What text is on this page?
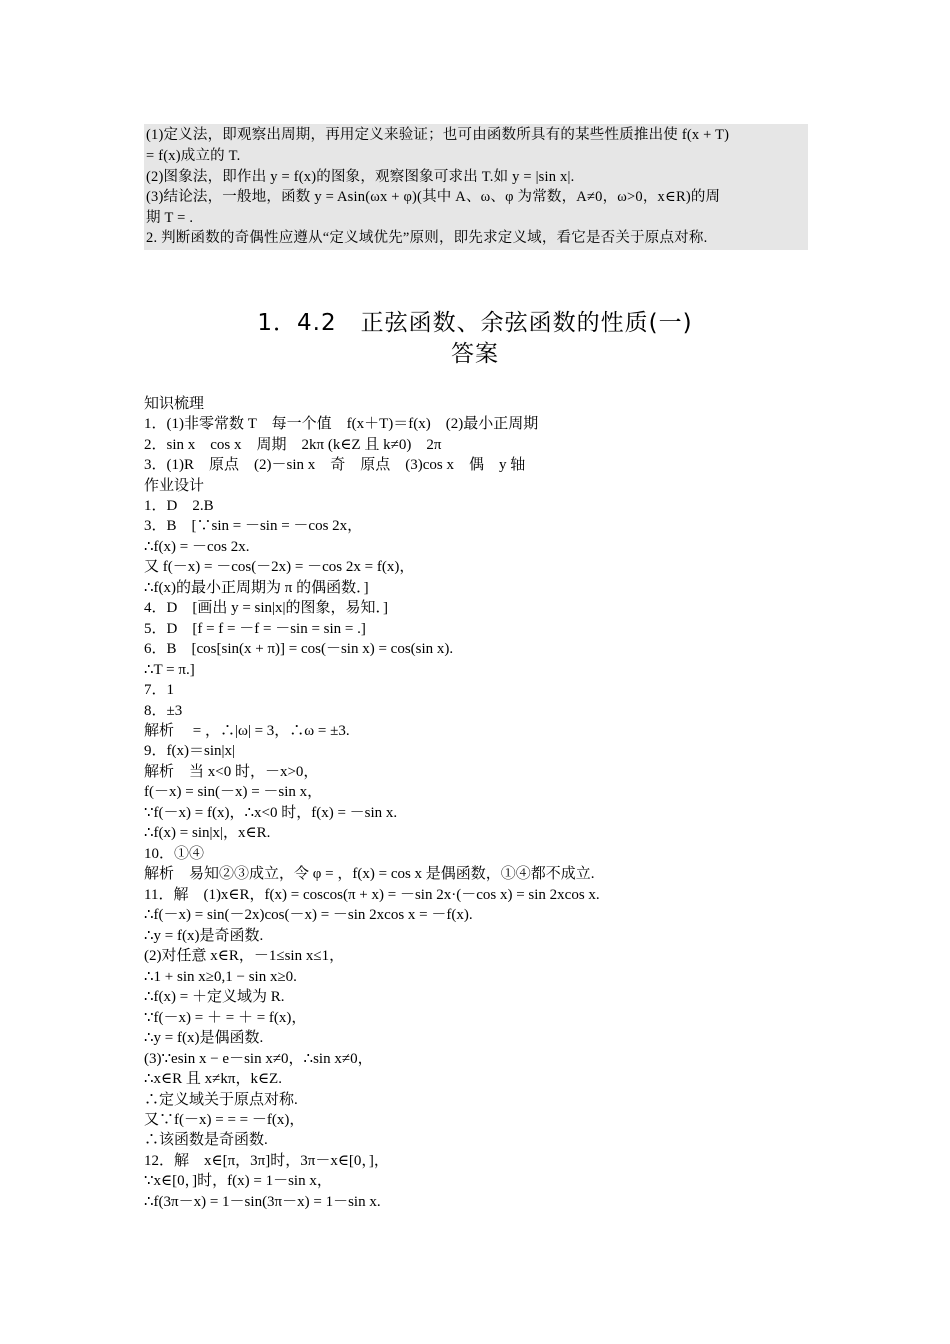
(1)定义法，即观察出周期，再用定义来验证；也可由函数所具有的某些性质推出使 f(x + T)
= f(x)成立的 T.
(2)图象法，即作出 y = f(x)的图象，观察图象可求出 T.如 y = |sin x|.
(3)结论法，一般地，函数 y = Asin(ωx + φ)(其中 A、ω、φ 为常数，A≠0，ω>0，x∈R)的周
期 T = .
2. 判断函数的奇偶性应遵从“定义域优先”原则，即先求定义域，看它是否关于原点对称.
1．4.2　正弦函数、余弦函数的性质(一)
答案
知识梳理
1．(1)非零常数 T　每一个值　f(x＋T)＝f(x)　(2)最小正周期
2．sin x　cos x　周期　2kπ (k∈Z 且 k≠0)　2π
3．(1)R　原点　(2)－sin x　奇　原点　(3)cos x　偶　y 轴
作业设计
1．D　2.B
3．B　[∵sin = －sin = －cos 2x，
∴f(x) = －cos 2x.
又 f(－x) = －cos(－2x) = －cos 2x = f(x)，
∴f(x)的最小正周期为 π 的偶函数．]
4．D　[画出 y = sin|x|的图象，易知．]
5．D　[f = f = －f = －sin = sin = .]
6．B　[cos[sin(x + π)] = cos(－sin x) = cos(sin x).
∴T = π.]
7．1
8．±3
解析　 = ，∴|ω| = 3，∴ω = ±3.
9．f(x)＝sin|x|
解析　当 x<0 时，－x>0，
f(－x) = sin(－x) = －sin x，
∵f(－x) = f(x)，∴x<0 时，f(x) = －sin x.
∴f(x) = sin|x|，x∈R.
10．①④
解析　易知②③成立，令 φ = ，f(x) = cos x 是偶函数，①④都不成立.
11．解　(1)x∈R，f(x) = coscos(π + x) = －sin 2x·(－cos x) = sin 2xcos x.
∴f(－x) = sin(－2x)cos(－x) = －sin 2xcos x = －f(x).
∴y = f(x)是奇函数.
(2)对任意 x∈R，－1≤sin x≤1，
∴1 + sin x≥0,1 − sin x≥0.
∴f(x) = ＋定义域为 R.
∵f(－x) = ＋ = ＋ = f(x)，
∴y = f(x)是偶函数.
(3)∵esin x − e－sin x≠0，∴sin x≠0，
∴x∈R 且 x≠kπ，k∈Z.
∴定义域关于原点对称.
又∵f(－x) = = = －f(x)，
∴该函数是奇函数.
12．解　x∈[π，3π]时，3π－x∈[0，]，
∵x∈[0，]时，f(x) = 1－sin x，
∴f(3π－x) = 1－sin(3π－x) = 1－sin x.
